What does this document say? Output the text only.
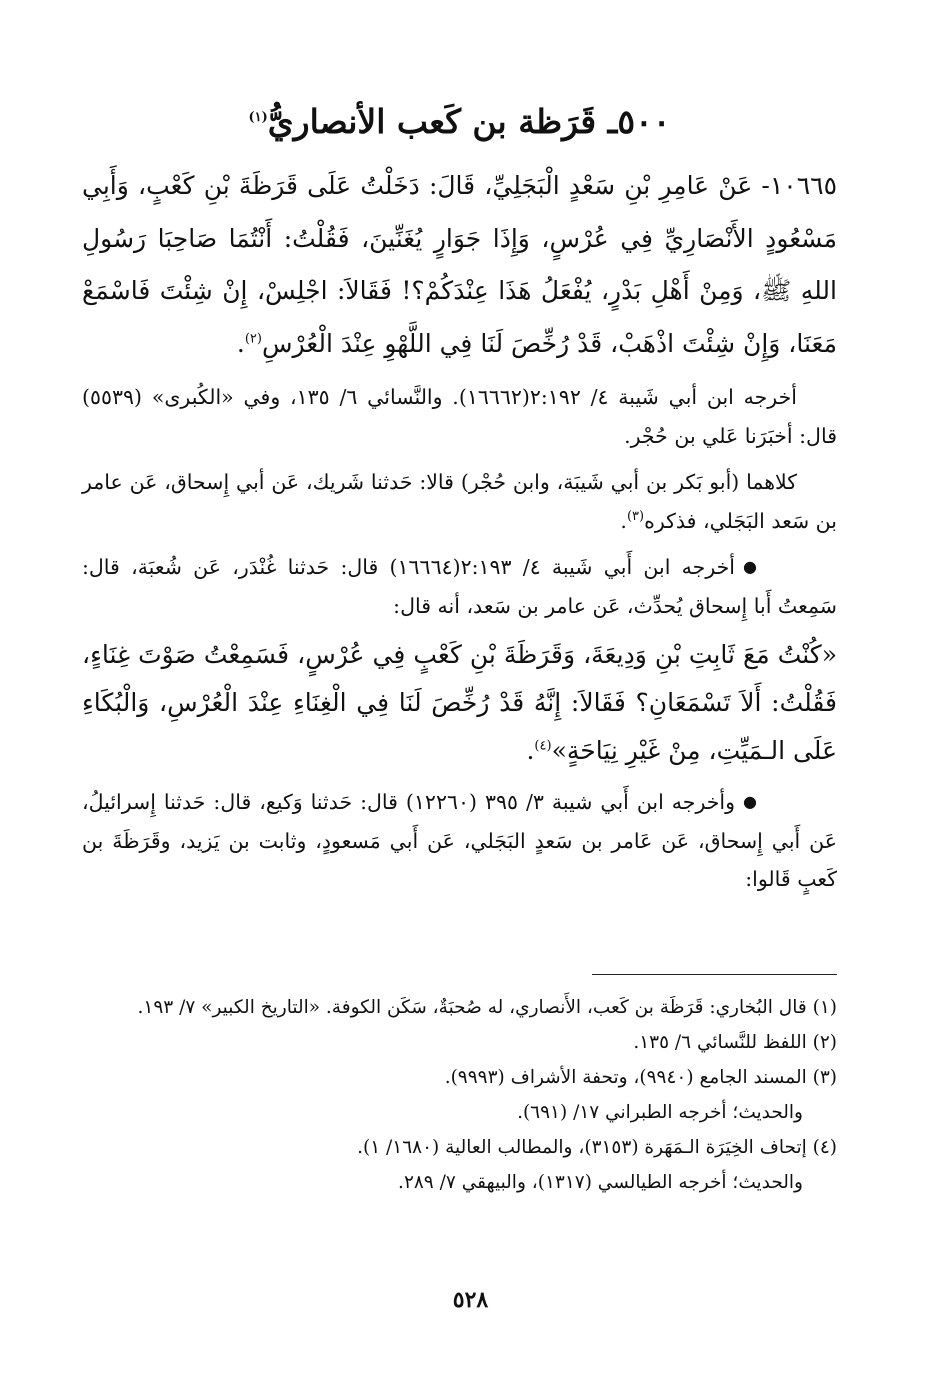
٥٠٠ـ قَرَظة بن كَعب الأنصاريُّ$^{(١)}$

١٠٦٦٥- عَنْ عَامِرِ بْنِ سَعْدٍ الْبَجَلِيِّ، قَالَ: دَخَلْتُ عَلَى قَرَظَةَ بْنِ كَعْبٍ، وَأَبِي مَسْعُودٍ الأَنْصَارِيِّ فِي عُرْسٍ، وَإِذَا جَوَارٍ يُغَنِّينَ، فَقُلْتُ: أَنْتُمَا صَاحِبَا رَسُولِ اللهِ ﷺ، وَمِنْ أَهْلِ بَدْرٍ، يُفْعَلُ هَذَا عِنْدَكُمْ؟! فَقَالاَ: اجْلِسْ، إِنْ شِئْتَ فَاسْمَعْ مَعَنَا، وَإِنْ شِئْتَ اذْهَبْ، قَدْ رُخِّصَ لَنَا فِي اللَّهْوِ عِنْدَ الْعُرْسِ$^{(٢)}$.

أخرجه ابن أبي شَيبة ٤/ ٢:١٩٢(١٦٦٦٢). والنَّسائي ٦/ ١٣٥، وفي «الكُبرى» (٥٥٣٩) قال: أخبَرَنا عَلي بن حُجْر.

كلاهما (أبو بَكر بن أبي شَيبَة، وابن حُجْر) قالا: حَدثنا شَريك، عَن أبي إِسحاق، عَن عامر بن سَعد البَجَلي، فذكره$^{(٣)}$.

●أخرجه ابن أَبي شَيبة ٤/ ٢:١٩٣(١٦٦٦٤) قال: حَدثنا غُنْدَر، عَن شُعبَة، قال: سَمِعتُ أَبا إِسحاق يُحدِّث، عَن عامر بن سَعد، أنه قال:

«كُنْتُ مَعَ ثَابِتِ بْنِ وَدِيعَةَ، وَقَرَظَةَ بْنِ كَعْبٍ فِي عُرْسٍ، فَسَمِعْتُ صَوْتَ غِنَاءٍ، فَقُلْتُ: أَلاَ تَسْمَعَانِ؟ فَقَالاَ: إِنَّهُ قَدْ رُخِّصَ لَنَا فِي الْغِنَاءِ عِنْدَ الْعُرْسِ، وَالْبُكَاءِ عَلَى الـمَيِّتِ، مِنْ غَيْرِ نِيَاحَةٍ»$^{(٤)}$.

●وأخرجه ابن أَبي شيبة ٣/ ٣٩٥ (١٢٢٦٠) قال: حَدثنا وَكيع، قال: حَدثنا إِسرائيلُ، عَن أَبي إِسحاق، عَن عَامر بن سَعدٍ البَجَلي، عَن أَبي مَسعودٍ، وثابت بن يَزيد، وقَرَظَةَ بن كَعبٍ قَالوا:

(١) قال البُخاري: قَرَظَة بن كَعب، الأَنصاري، له صُحبَةٌ، سَكَن الكوفة. «التاريخ الكبير» ٧/ ١٩٣.

(٢) اللفظ للنَّسائي ٦/ ١٣٥.

(٣) المسند الجامع (٩٩٤٠)، وتحفة الأشراف (٩٩٩٣).

والحديث؛ أخرجه الطبراني ١٧/ (٦٩١).

(٤) إتحاف الخِيَرَة الـمَهَرة (٣١٥٣)، والمطالب العالية (١٦٨٠/ ١).

والحديث؛ أخرجه الطيالسي (١٣١٧)، والبيهقي ٧/ ٢٨٩.

٥٢٨
